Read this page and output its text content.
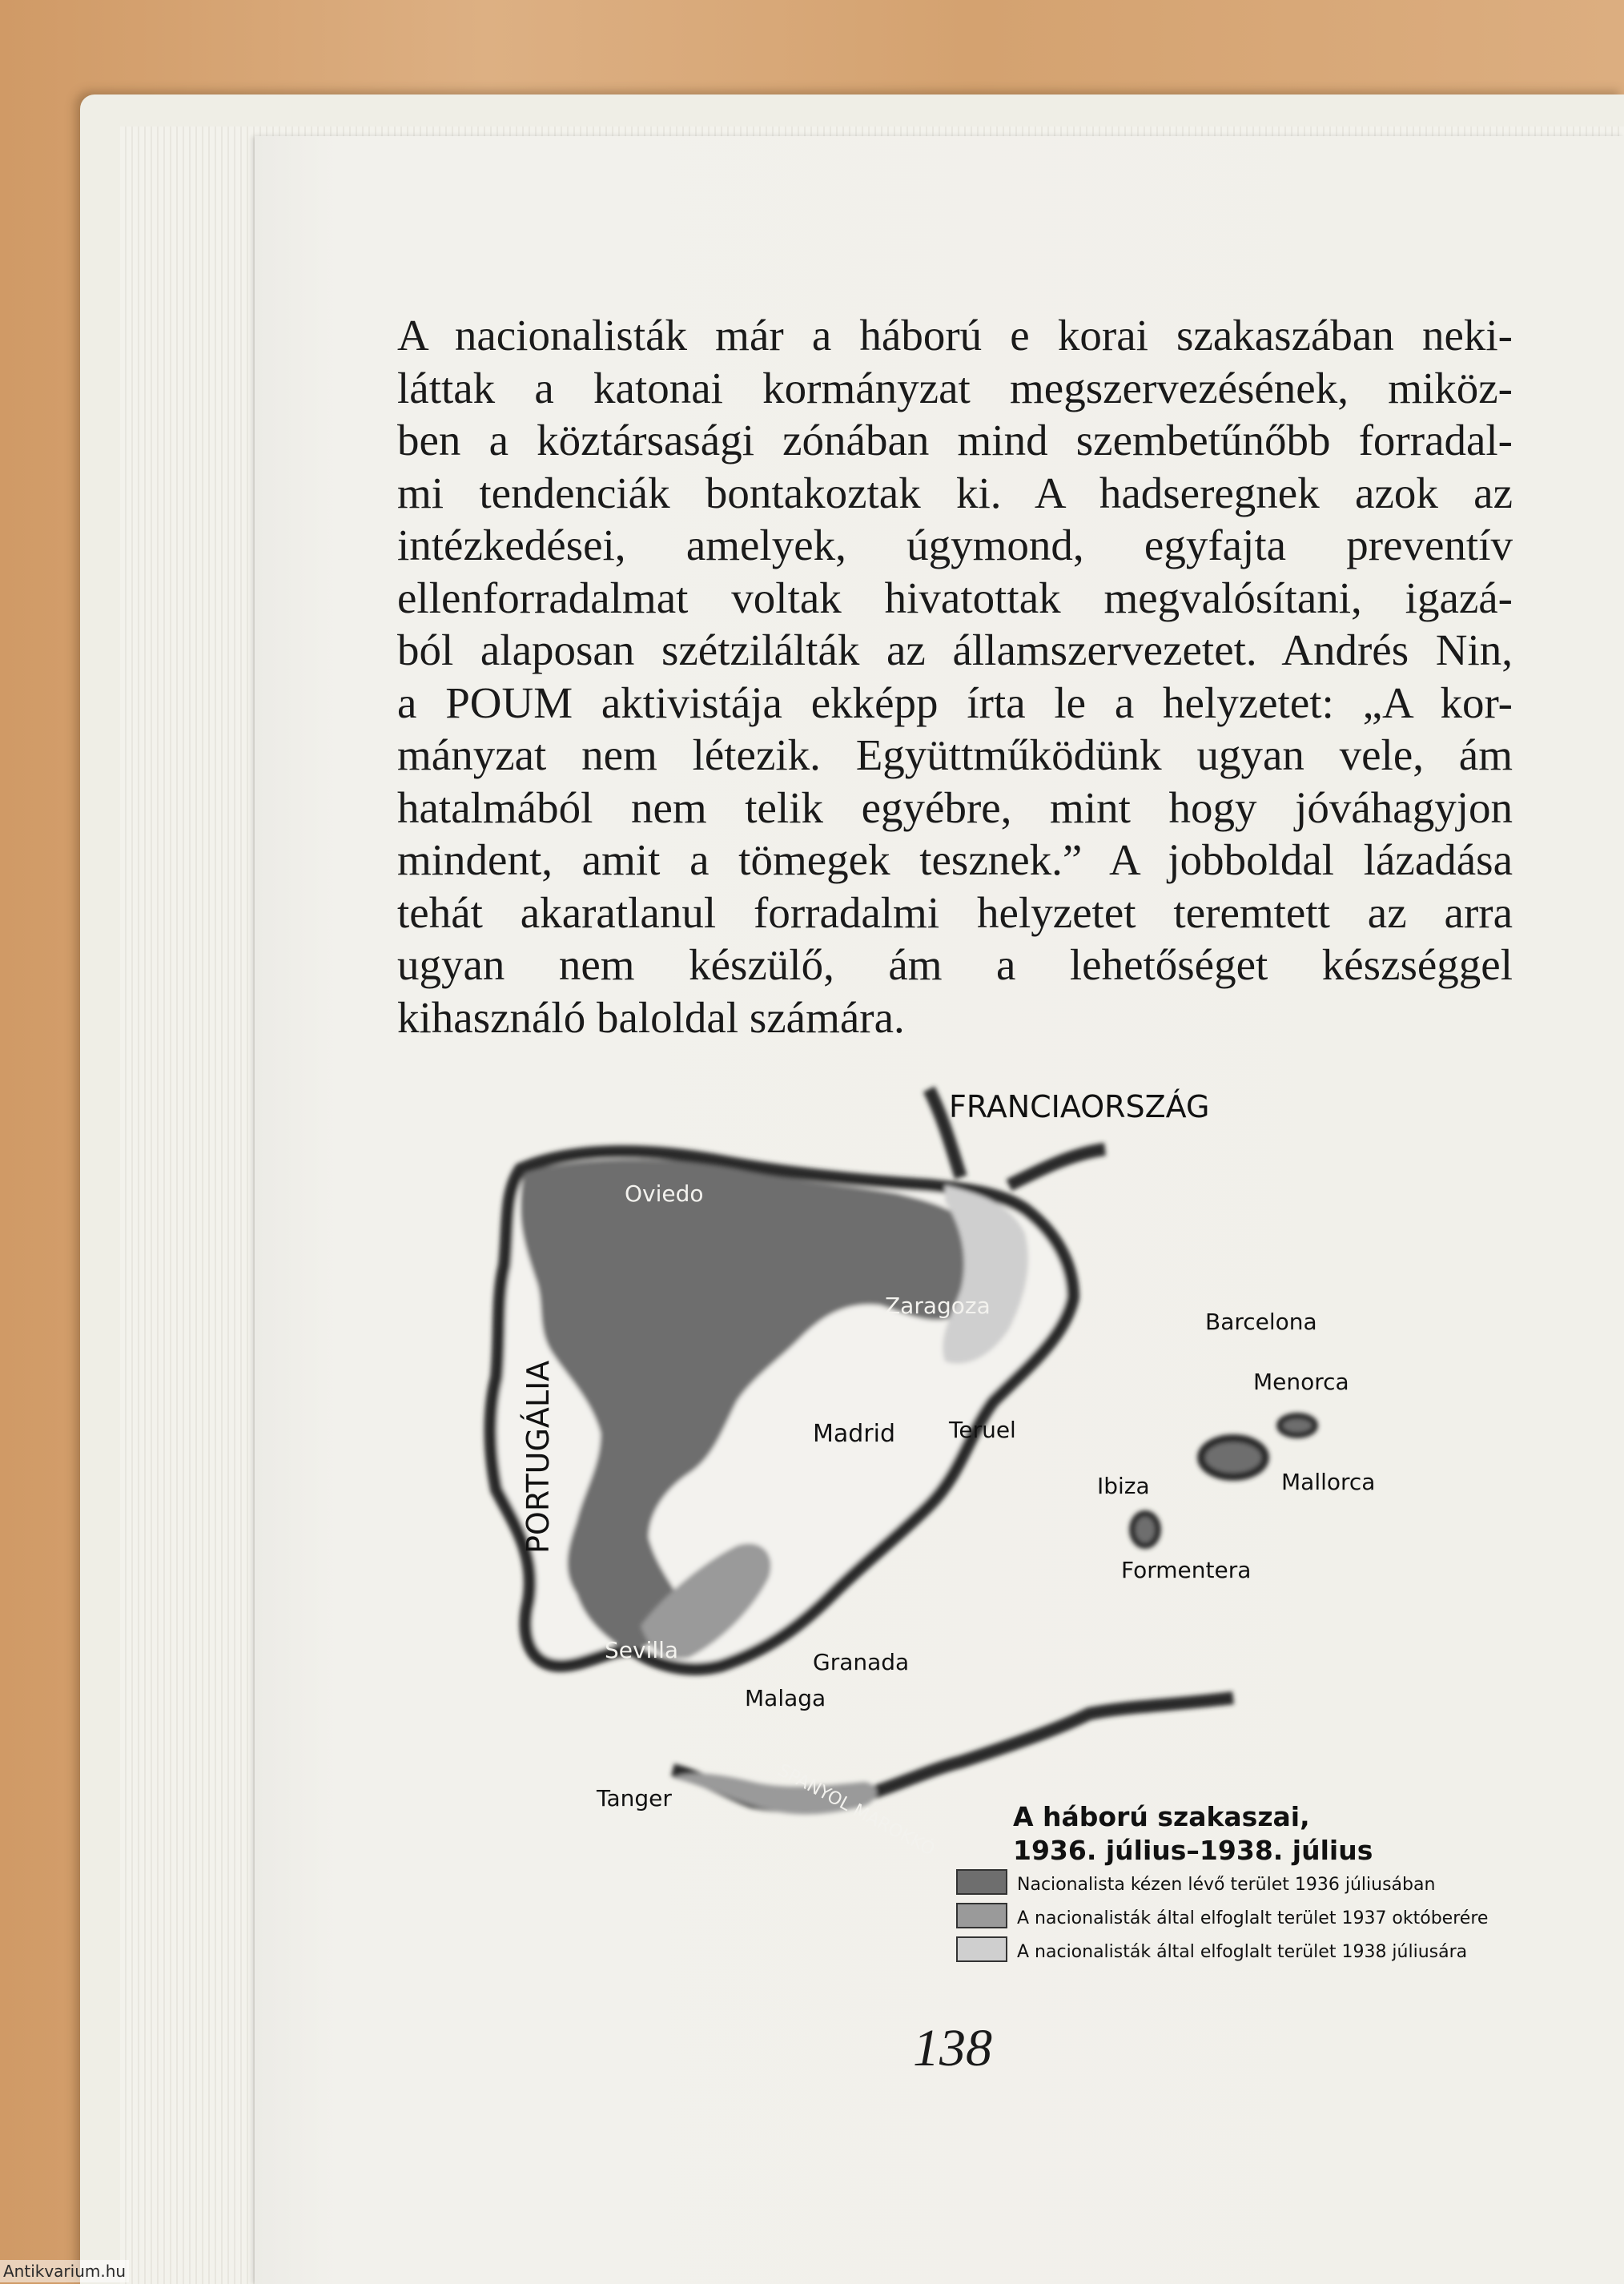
A nacionalisták már a háború e korai szakaszában neki-
láttak a katonai kormányzat megszervezésének, miköz-
ben a köztársasági zónában mind szembetűnőbb forradal-
mi tendenciák bontakoztak ki. A hadseregnek azok az
intézkedései, amelyek, úgymond, egyfajta preventív
ellenforradalmat voltak hivatottak megvalósítani, igazá-
ból alaposan szétzilálták az államszervezetet. Andrés Nin,
a POUM aktivistája ekképp írta le a helyzetet: „A kor-
mányzat nem létezik. Együttműködünk ugyan vele, ám
hatalmából nem telik egyébre, mint hogy jóváhagyjon
mindent, amit a tömegek tesznek.” A jobboldal lázadása
tehát akaratlanul forradalmi helyzetet teremtett az arra
ugyan nem készülő, ám a lehetőséget készséggel
kihasználó baloldal számára.
FRANCIAORSZÁG
PORTUGÁLIA
SPANYOL MAROKKÓ
Oviedo
Zaragoza
Barcelona
Madrid Teruel
Menorca
Mallorca
Ibiza
Formentera
Sevilla	Granada
Malaga
Tanger
A háború szakaszai,
1936. július–1938. július
Nacionalista kézen lévő terület 1936 júliusában
A nacionalisták által elfoglalt terület 1937 októberére
A nacionalisták által elfoglalt terület 1938 júliusára
138
Antikvarium.hu
